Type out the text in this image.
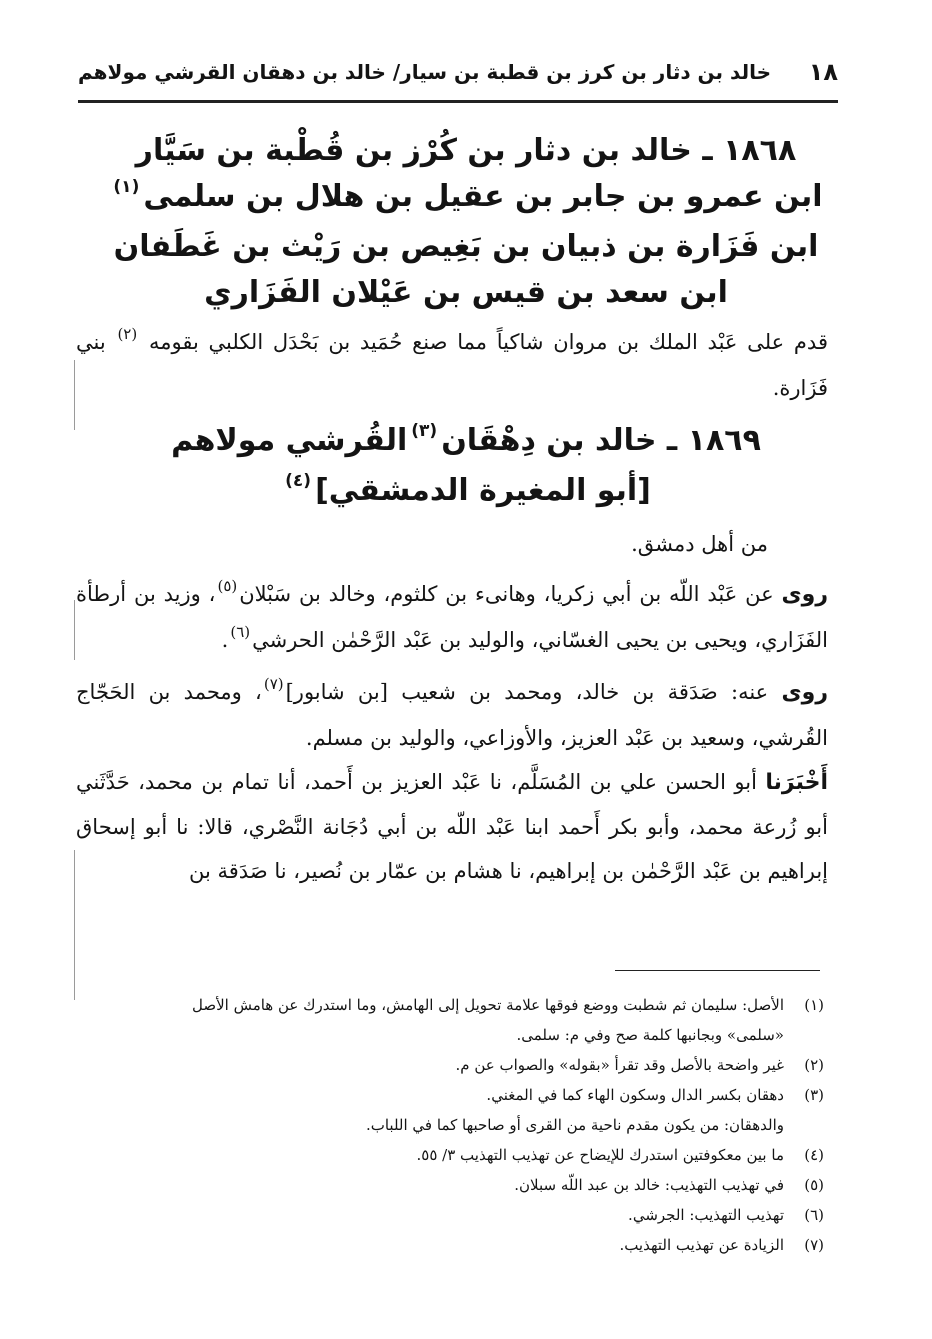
١٨
خالد بن دثار بن كرز بن قطبة بن سيار/ خالد بن دهقان القرشي مولاهم
١٨٦٨ ـ خالد بن دثار بن كُرْز بن قُطْبة بن سَيَّار
ابن عمرو بن جابر بن عقيل بن هلال بن سلمى$^{(١)}$
ابن فَزَارة بن ذبيان بن بَغِيص بن رَيْث بن غَطَفان
ابن سعد بن قيس بن عَيْلان الفَزَاري

قدم على عَبْد الملك بن مروان شاكياً مما صنع حُمَيد بن بَحْدَل الكلبي بقومه $^{(٢)}$ بني فَزَارة.

١٨٦٩ ـ خالد بن دِهْقَان$^{(٣)}$القُرشي مولاهم
[أبو المغيرة الدمشقي]$^{(٤)}$

من أهل دمشق.

روى عن عَبْد اللّه بن أبي زكريا، وهانىء بن كلثوم، وخالد بن سَبْلان$^{(٥)}$، وزيد بن أرطأة الفَزَاري، ويحيى بن يحيى الغسّاني، والوليد بن عَبْد الرَّحْمٰن الحرشي$^{(٦)}$.

روى عنه: صَدَقة بن خالد، ومحمد بن شعيب [بن شابور]$^{(٧)}$، ومحمد بن الحَجّاج القُرشي، وسعيد بن عَبْد العزيز، والأوزاعي، والوليد بن مسلم.

أَخْبَرَنا أبو الحسن علي بن المُسَلَّم، نا عَبْد العزيز بن أَحمد، أنا تمام بن محمد، حَدَّثَني أبو زُرعة محمد، وأبو بكر أَحمد ابنا عَبْد اللّه بن أبي دُجَانة النَّصْري، قالا: نا أبو إسحاق إبراهيم بن عَبْد الرَّحْمٰن بن إبراهيم، نا هشام بن عمّار بن نُصير، نا صَدَقة بن

(١)
الأصل: سليمان ثم شطبت ووضع فوقها علامة تحويل إلى الهامش، وما استدرك عن هامش الأصل
«سلمى» وبجانبها كلمة صح وفي م: سلمى.
(٢)
غير واضحة بالأصل وقد تقرأ «بقوله» والصواب عن م.
(٣)
دهقان بكسر الدال وسكون الهاء كما في المغني.
والدهقان: من يكون مقدم ناحية من القرى أو صاحبها كما في اللباب.
(٤)
ما بين معكوفتين استدرك للإيضاح عن تهذيب التهذيب ٣/ ٥٥.
(٥)
في تهذيب التهذيب: خالد بن عبد اللّه سبلان.
(٦)
تهذيب التهذيب: الجرشي.
(٧)
الزيادة عن تهذيب التهذيب.
